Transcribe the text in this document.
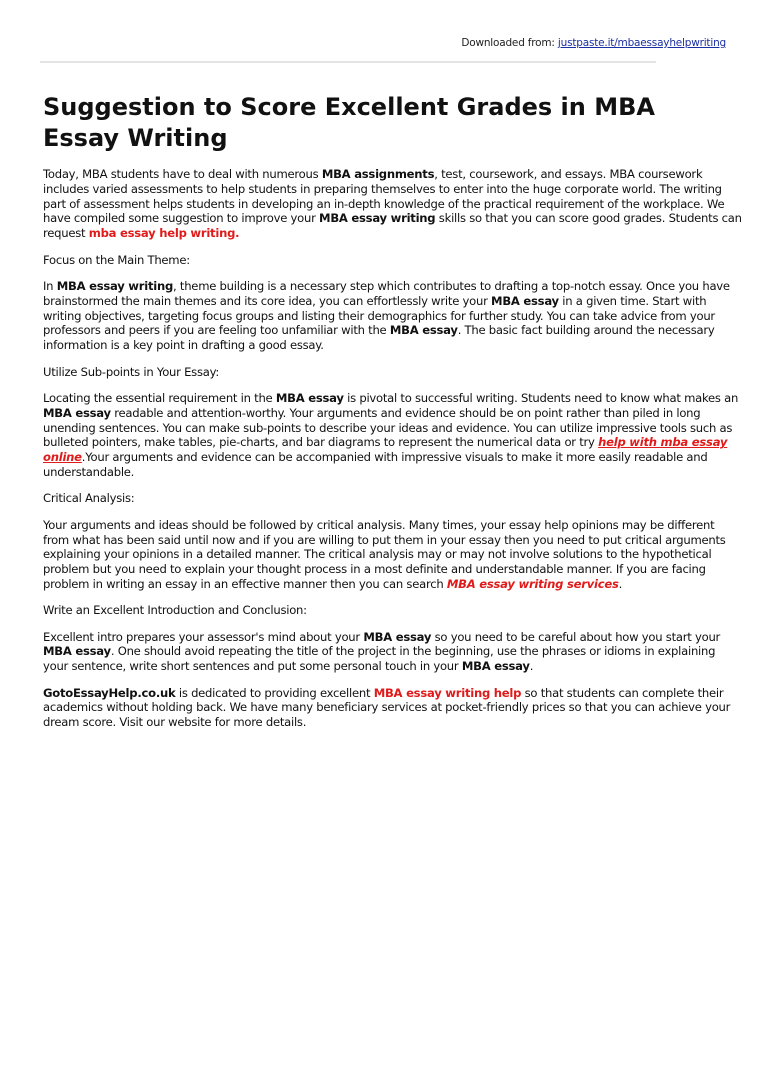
Downloaded from: justpaste.it/mbaessayhelpwriting
Suggestion to Score Excellent Grades in MBA Essay Writing

Today, MBA students have to deal with numerous MBA assignments, test, coursework, and essays. MBA coursework includes varied assessments to help students in preparing themselves to enter into the huge corporate world. The writing part of assessment helps students in developing an in-depth knowledge of the practical requirement of the workplace. We have compiled some suggestion to improve your MBA essay writing skills so that you can score good grades. Students can request mba essay help writing.

Focus on the Main Theme:

In MBA essay writing, theme building is a necessary step which contributes to drafting a top-notch essay. Once you have brainstormed the main themes and its core idea, you can effortlessly write your MBA essay in a given time. Start with writing objectives, targeting focus groups and listing their demographics for further study. You can take advice from your professors and peers if you are feeling too unfamiliar with the MBA essay. The basic fact building around the necessary information is a key point in drafting a good essay.

Utilize Sub-points in Your Essay:

Locating the essential requirement in the MBA essay is pivotal to successful writing. Students need to know what makes an MBA essay readable and attention-worthy. Your arguments and evidence should be on point rather than piled in long unending sentences. You can make sub-points to describe your ideas and evidence. You can utilize impressive tools such as bulleted pointers, make tables, pie-charts, and bar diagrams to represent the numerical data or try help with mba essay online.Your arguments and evidence can be accompanied with impressive visuals to make it more easily readable and understandable.

Critical Analysis:

Your arguments and ideas should be followed by critical analysis. Many times, your essay help opinions may be different from what has been said until now and if you are willing to put them in your essay then you need to put critical arguments explaining your opinions in a detailed manner. The critical analysis may or may not involve solutions to the hypothetical problem but you need to explain your thought process in a most definite and understandable manner. If you are facing problem in writing an essay in an effective manner then you can search MBA essay writing services.

Write an Excellent Introduction and Conclusion:

Excellent intro prepares your assessor's mind about your MBA essay so you need to be careful about how you start your MBA essay. One should avoid repeating the title of the project in the beginning, use the phrases or idioms in explaining your sentence, write short sentences and put some personal touch in your MBA essay.

GotoEssayHelp.co.uk is dedicated to providing excellent MBA essay writing help so that students can complete their academics without holding back. We have many beneficiary services at pocket-friendly prices so that you can achieve your dream score. Visit our website for more details.
